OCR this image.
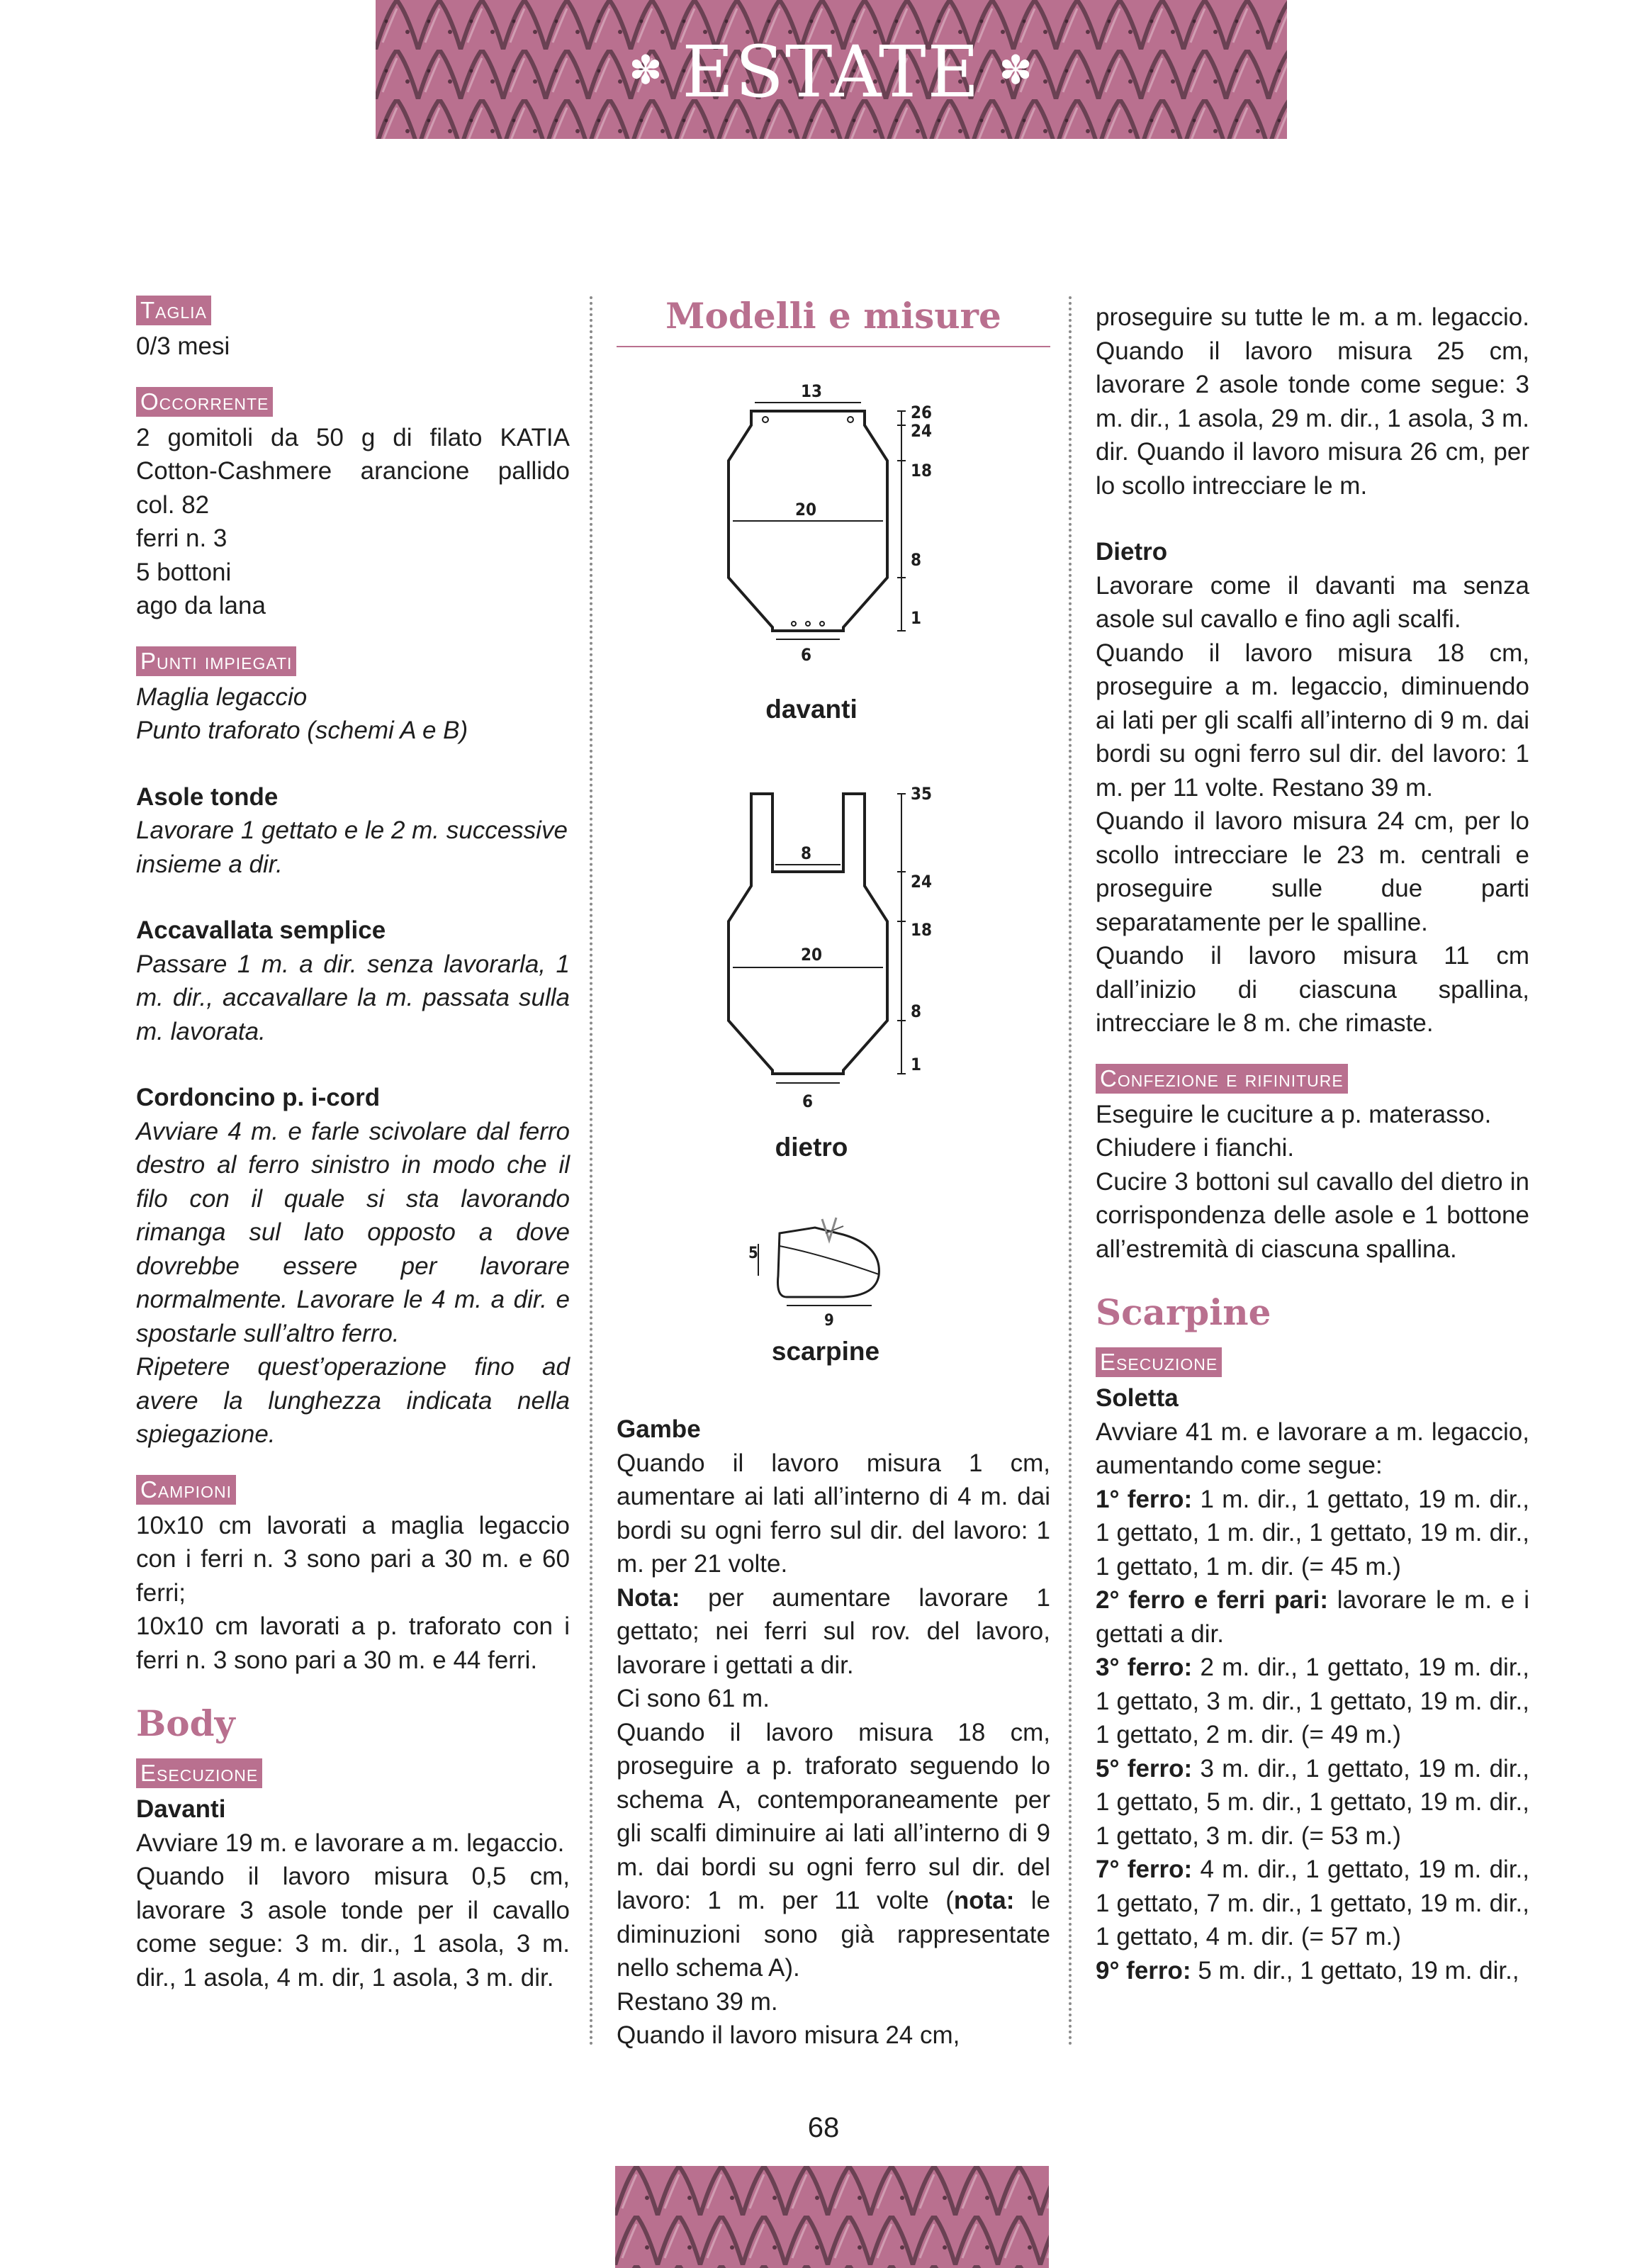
✽ ESTATE ✽
Taglia

0/3 mesi

Occorrente

2 gomitoli da 50 g di filato KATIA Cotton-Cashmere arancione pallido col. 82

ferri n. 3

5 bottoni

ago da lana

Punti impiegati

Maglia legaccio

Punto traforato (schemi A e B)

Asole tonde

Lavorare 1 gettato e le 2 m. successive insieme a dir.

Accavallata semplice

Passare 1 m. a dir. senza lavorarla, 1 m. dir., accavallare la m. passata sulla m. lavorata.

Cordoncino p. i-cord

Avviare 4 m. e farle scivolare dal ferro destro al ferro sinistro in modo che il filo con il quale si sta lavorando rimanga sul lato opposto a dove dovrebbe essere per lavorare normalmente. Lavorare le 4 m. a dir. e spostarle sull’altro ferro.

Ripetere quest’operazione fino ad avere la lunghezza indicata nella spiegazione.

Campioni

10x10 cm lavorati a maglia legaccio con i ferri n. 3 sono pari a 30 m. e 60 ferri;

10x10 cm lavorati a p. traforato con i ferri n. 3 sono pari a 30 m. e 44 ferri.

Body

Esecuzione

Davanti

Avviare 19 m. e lavorare a m. legaccio.

Quando il lavoro misura 0,5 cm, lavorare 3 asole tonde per il cavallo come segue: 3 m. dir., 1 asola, 3 m. dir., 1 asola, 4 m. dir, 1 asola, 3 m. dir.

Modelli e misure

13
20
6
26
24
18
8
1

davanti

8
20
6
35
24
18
8
1

dietro

5
9

scarpine

Gambe

Quando il lavoro misura 1 cm, aumentare ai lati all’interno di 4 m. dai bordi su ogni ferro sul dir. del lavoro: 1 m. per 21 volte.

Nota: per aumentare lavorare 1 gettato; nei ferri sul rov. del lavoro, lavorare i gettati a dir.

Ci sono 61 m.

Quando il lavoro misura 18 cm, proseguire a p. traforato seguendo lo schema A, contemporaneamente per gli scalfi diminuire ai lati all’interno di 9 m. dai bordi su ogni ferro sul dir. del lavoro: 1 m. per 11 volte (nota: le diminuzioni sono già rappresentate nello schema A).

Restano 39 m.

Quando il lavoro misura 24 cm,

proseguire su tutte le m. a m. legaccio. Quando il lavoro misura 25 cm, lavorare 2 asole tonde come segue: 3 m. dir., 1 asola, 29 m. dir., 1 asola, 3 m. dir. Quando il lavoro misura 26 cm, per lo scollo intrecciare le m.

Dietro

Lavorare come il davanti ma senza asole sul cavallo e fino agli scalfi.

Quando il lavoro misura 18 cm, proseguire a m. legaccio, diminuendo ai lati per gli scalfi all’interno di 9 m. dai bordi su ogni ferro sul dir. del lavoro: 1 m. per 11 volte. Restano 39 m.

Quando il lavoro misura 24 cm, per lo scollo intrecciare le 23 m. centrali e proseguire sulle due parti separatamente per le spalline.

Quando il lavoro misura 11 cm dall’inizio di ciascuna spallina, intrecciare le 8 m. che rimaste.

Confezione e rifiniture

Eseguire le cuciture a p. materasso.

Chiudere i fianchi.

Cucire 3 bottoni sul cavallo del dietro in corrispondenza delle asole e 1 bottone all’estremità di ciascuna spallina.

Scarpine

Esecuzione

Soletta

Avviare 41 m. e lavorare a m. legaccio, aumentando come segue:

1° ferro: 1 m. dir., 1 gettato, 19 m. dir., 1 gettato, 1 m. dir., 1 gettato, 19 m. dir., 1 gettato, 1 m. dir. (= 45 m.)

2° ferro e ferri pari: lavorare le m. e i gettati a dir.

3° ferro: 2 m. dir., 1 gettato, 19 m. dir., 1 gettato, 3 m. dir., 1 gettato, 19 m. dir., 1 gettato, 2 m. dir. (= 49 m.)

5° ferro: 3 m. dir., 1 gettato, 19 m. dir., 1 gettato, 5 m. dir., 1 gettato, 19 m. dir., 1 gettato, 3 m. dir. (= 53 m.)

7° ferro: 4 m. dir., 1 gettato, 19 m. dir., 1 gettato, 7 m. dir., 1 gettato, 19 m. dir., 1 gettato, 4 m. dir. (= 57 m.)

9° ferro: 5 m. dir., 1 gettato, 19 m. dir.,

68
